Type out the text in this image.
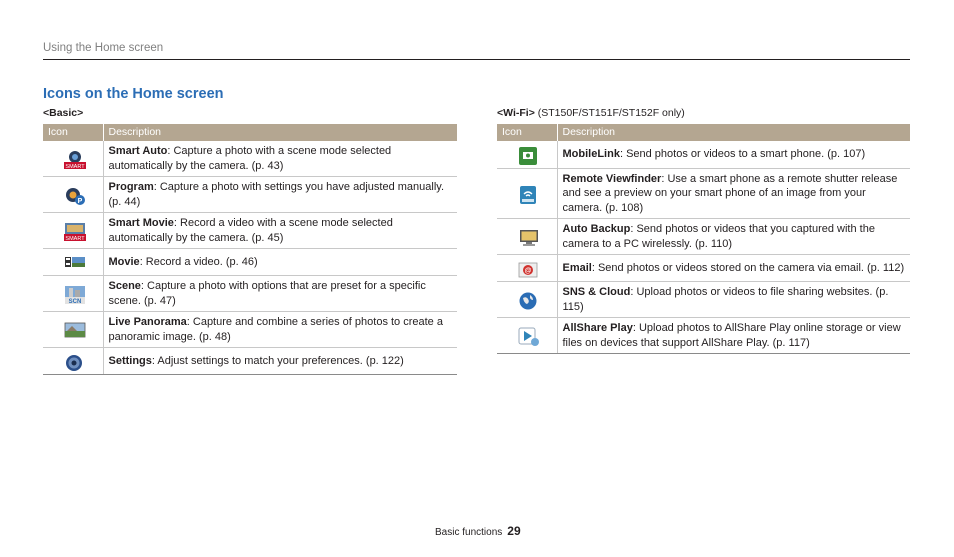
Using the Home screen
Icons on the Home screen
<Basic>
Icon	Description

SMART	Smart Auto: Capture a photo with a scene mode selected automatically by the camera. (p. 43)

P	Program: Capture a photo with settings you have adjusted manually. (p. 44)

SMART	Smart Movie: Record a video with a scene mode selected automatically by the camera. (p. 45)
	Movie: Record a video. (p. 46)

SCN	Scene: Capture a photo with options that are preset for a specific scene. (p. 47)
	Live Panorama: Capture and combine a series of photos to create a panoramic image. (p. 48)
	Settings: Adjust settings to match your preferences. (p. 122)
<Wi-Fi> (ST150F/ST151F/ST152F only)
Icon	Description
	MobileLink: Send photos or videos to a smart phone. (p. 107)
	Remote Viewfinder: Use a smart phone as a remote shutter release and see a preview on your smart phone of an image from your camera. (p. 108)
	Auto Backup: Send photos or videos that you captured with the camera to a PC wirelessly. (p. 110)

@	Email: Send photos or videos stored on the camera via email. (p. 112)
	SNS & Cloud: Upload photos or videos to file sharing websites. (p. 115)
	AllShare Play: Upload photos to AllShare Play online storage or view files on devices that support AllShare Play. (p. 117)
Basic functions 29
